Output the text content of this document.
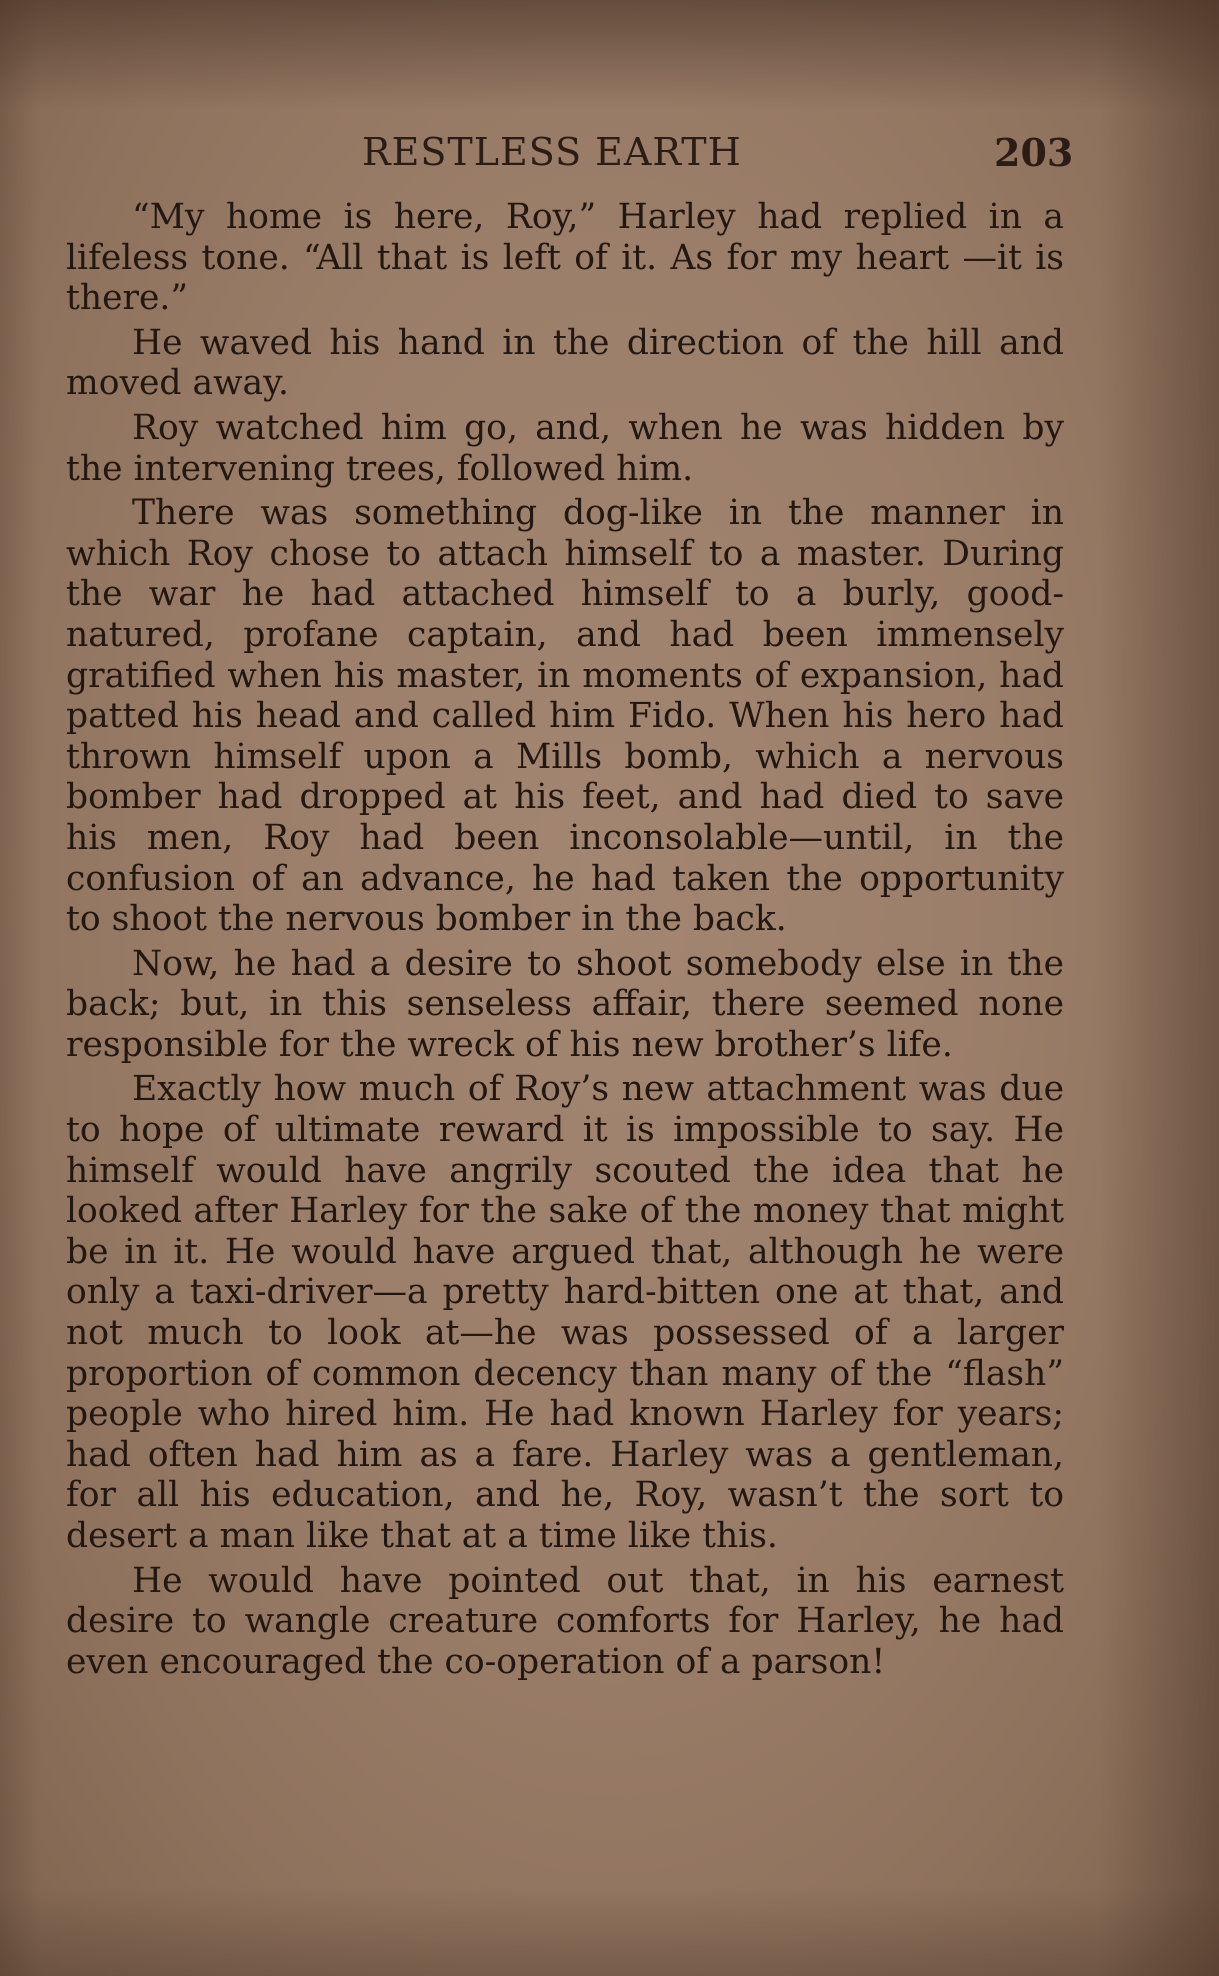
RESTLESS EARTH	203

“My home is here, Roy,” Harley had replied in a lifeless tone. “All that is left of it. As for my heart —it is there.”

He waved his hand in the direction of the hill and moved away.

Roy watched him go, and, when he was hidden by the intervening trees, followed him.

There was something dog-like in the manner in which Roy chose to attach himself to a master. During the war he had attached himself to a burly, good-natured, profane captain, and had been immensely gratified when his master, in moments of expansion, had patted his head and called him Fido. When his hero had thrown himself upon a Mills bomb, which a nervous bomber had dropped at his feet, and had died to save his men, Roy had been inconsolable—until, in the confusion of an advance, he had taken the opportunity to shoot the nervous bomber in the back.

Now, he had a desire to shoot somebody else in the back; but, in this senseless affair, there seemed none responsible for the wreck of his new brother’s life.

Exactly how much of Roy’s new attachment was due to hope of ultimate reward it is impossible to say. He himself would have angrily scouted the idea that he looked after Harley for the sake of the money that might be in it. He would have argued that, although he were only a taxi-driver—a pretty hard-bitten one at that, and not much to look at—he was possessed of a larger proportion of common decency than many of the “flash” people who hired him. He had known Harley for years; had often had him as a fare. Harley was a gentleman, for all his education, and he, Roy, wasn’t the sort to desert a man like that at a time like this.

He would have pointed out that, in his earnest desire to wangle creature comforts for Harley, he had even encouraged the co-operation of a parson!
